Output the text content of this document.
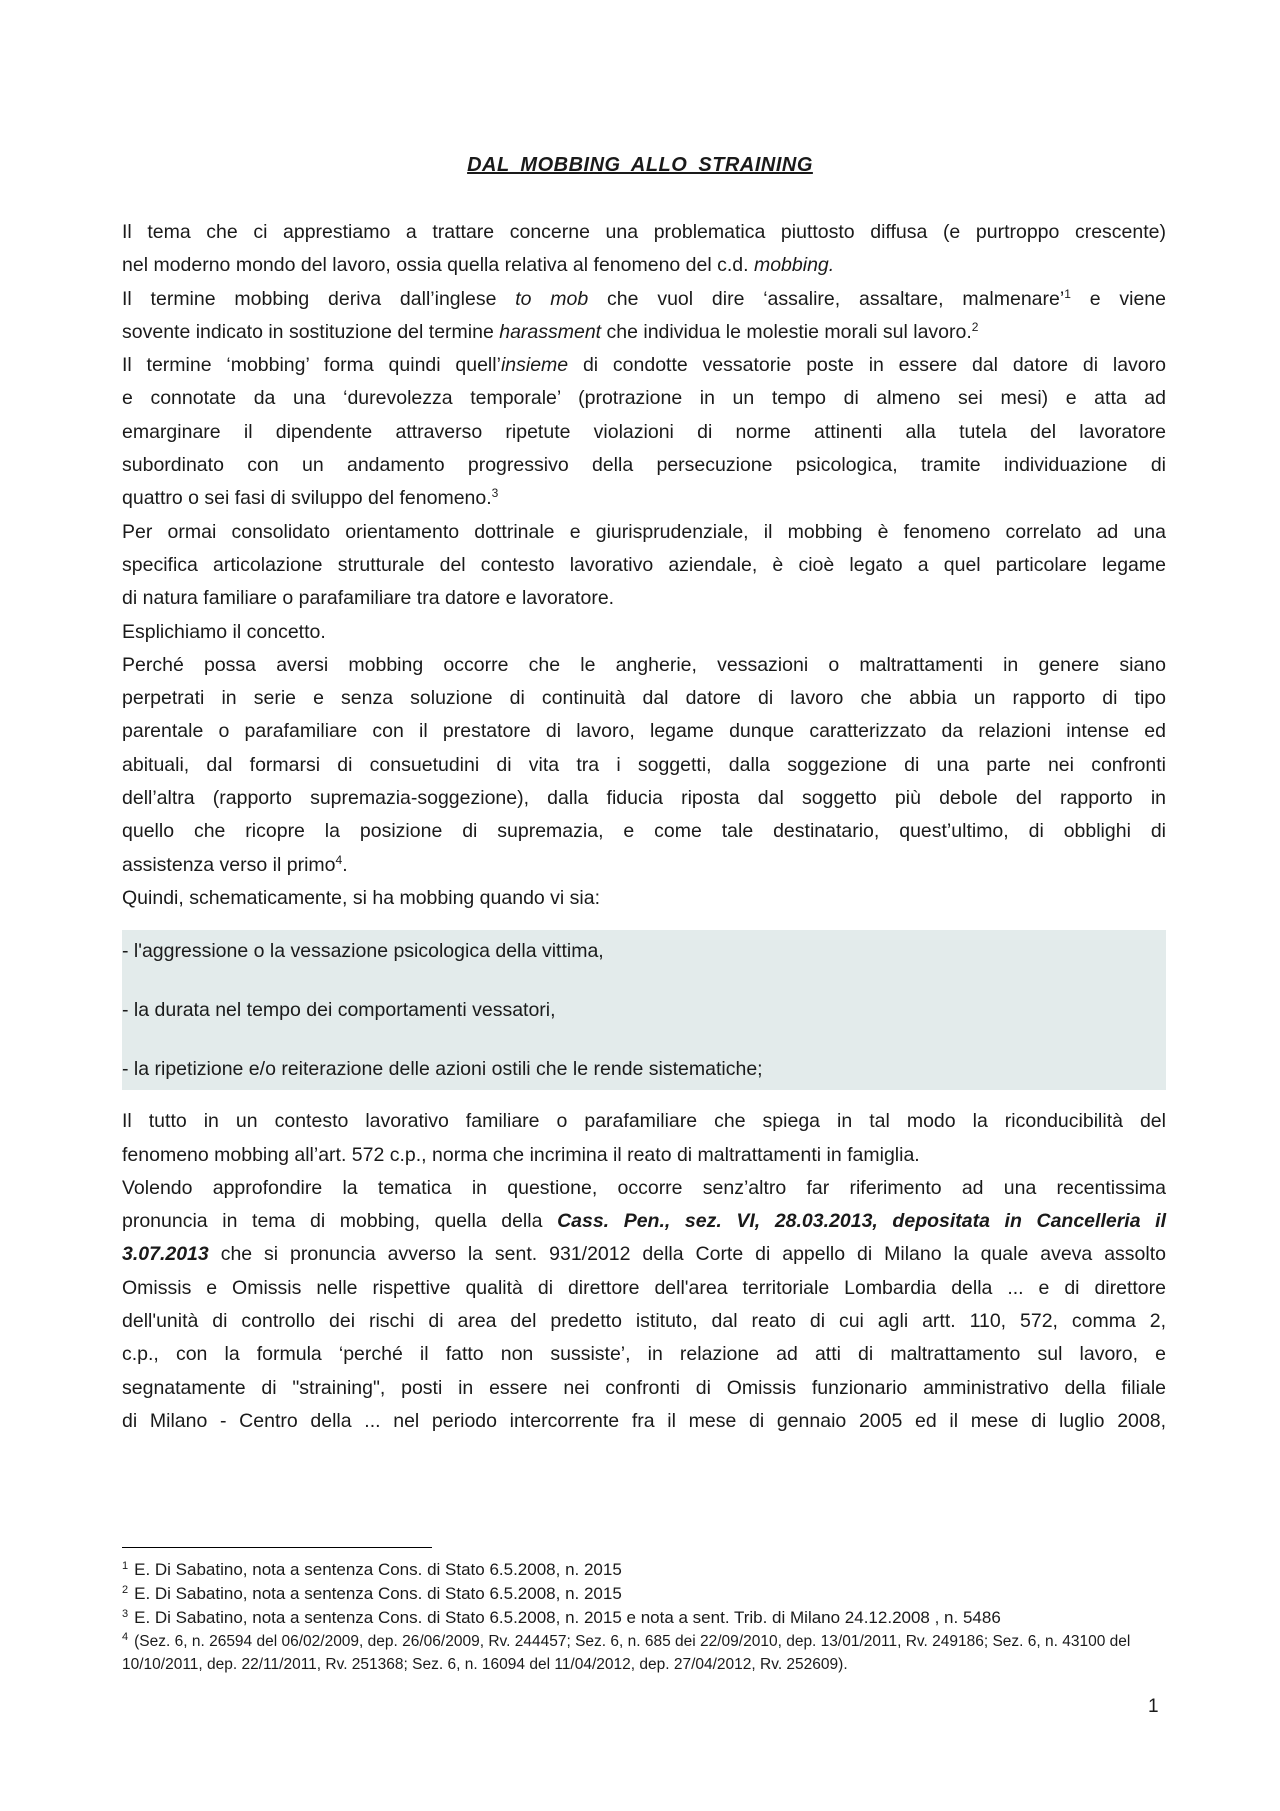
DAL MOBBING ALLO STRAINING

Il tema che ci apprestiamo a trattare concerne una problematica piuttosto diffusa (e purtroppo crescente)

nel moderno mondo del lavoro, ossia quella relativa al fenomeno del c.d. mobbing.

Il termine mobbing deriva dall’inglese to mob che vuol dire ‘assalire, assaltare, malmenare’$^1$ e viene

sovente indicato in sostituzione del termine harassment che individua le molestie morali sul lavoro.$^2$

Il termine ‘mobbing’ forma quindi quell’insieme di condotte vessatorie poste in essere dal datore di lavoro

e connotate da una ‘durevolezza temporale’ (protrazione in un tempo di almeno sei mesi) e atta ad

emarginare il dipendente attraverso ripetute violazioni di norme attinenti alla tutela del lavoratore

subordinato con un andamento progressivo della persecuzione psicologica, tramite individuazione di

quattro o sei fasi di sviluppo del fenomeno.$^3$

Per ormai consolidato orientamento dottrinale e giurisprudenziale, il mobbing è fenomeno correlato ad una

specifica articolazione strutturale del contesto lavorativo aziendale, è cioè legato a quel particolare legame

di natura familiare o parafamiliare tra datore e lavoratore.

Esplichiamo il concetto.

Perché possa aversi mobbing occorre che le angherie, vessazioni o maltrattamenti in genere siano

perpetrati in serie e senza soluzione di continuità dal datore di lavoro che abbia un rapporto di tipo

parentale o parafamiliare con il prestatore di lavoro, legame dunque caratterizzato da relazioni intense ed

abituali, dal formarsi di consuetudini di vita tra i soggetti, dalla soggezione di una parte nei confronti

dell’altra (rapporto supremazia-soggezione), dalla fiducia riposta dal soggetto più debole del rapporto in

quello che ricopre la posizione di supremazia, e come tale destinatario, quest’ultimo, di obblighi di

assistenza verso il primo$^4$.

Quindi, schematicamente, si ha mobbing quando vi sia:

- l'aggressione o la vessazione psicologica della vittima,
- la durata nel tempo dei comportamenti vessatori,
- la ripetizione e/o reiterazione delle azioni ostili che le rende sistematiche;

Il tutto in un contesto lavorativo familiare o parafamiliare che spiega in tal modo la riconducibilità del

fenomeno mobbing all’art. 572 c.p., norma che incrimina il reato di maltrattamenti in famiglia.

Volendo approfondire la tematica in questione, occorre senz’altro far riferimento ad una recentissima

pronuncia in tema di mobbing, quella della Cass. Pen., sez. VI, 28.03.2013, depositata in Cancelleria il

3.07.2013 che si pronuncia avverso la sent. 931/2012 della Corte di appello di Milano la quale aveva assolto

Omissis e Omissis nelle rispettive qualità di direttore dell'area territoriale Lombardia della ... e di direttore

dell'unità di controllo dei rischi di area del predetto istituto, dal reato di cui agli artt. 110, 572, comma 2,

c.p., con la formula ‘perché il fatto non sussiste’, in relazione ad atti di maltrattamento sul lavoro, e

segnatamente di "straining", posti in essere nei confronti di Omissis funzionario amministrativo della filiale

di Milano - Centro della ... nel periodo intercorrente fra il mese di gennaio 2005 ed il mese di luglio 2008,

$^1$ E. Di Sabatino, nota a sentenza Cons. di Stato 6.5.2008, n. 2015
$^2$ E. Di Sabatino, nota a sentenza Cons. di Stato 6.5.2008, n. 2015
$^3$ E. Di Sabatino, nota a sentenza Cons. di Stato 6.5.2008, n. 2015 e nota a sent. Trib. di Milano 24.12.2008 , n. 5486
$^4$ (Sez. 6, n. 26594 del 06/02/2009, dep. 26/06/2009, Rv. 244457; Sez. 6, n. 685 dei 22/09/2010, dep. 13/01/2011, Rv. 249186; Sez. 6, n. 43100 del 10/10/2011, dep. 22/11/2011, Rv. 251368; Sez. 6, n. 16094 del 11/04/2012, dep. 27/04/2012, Rv. 252609).
1
